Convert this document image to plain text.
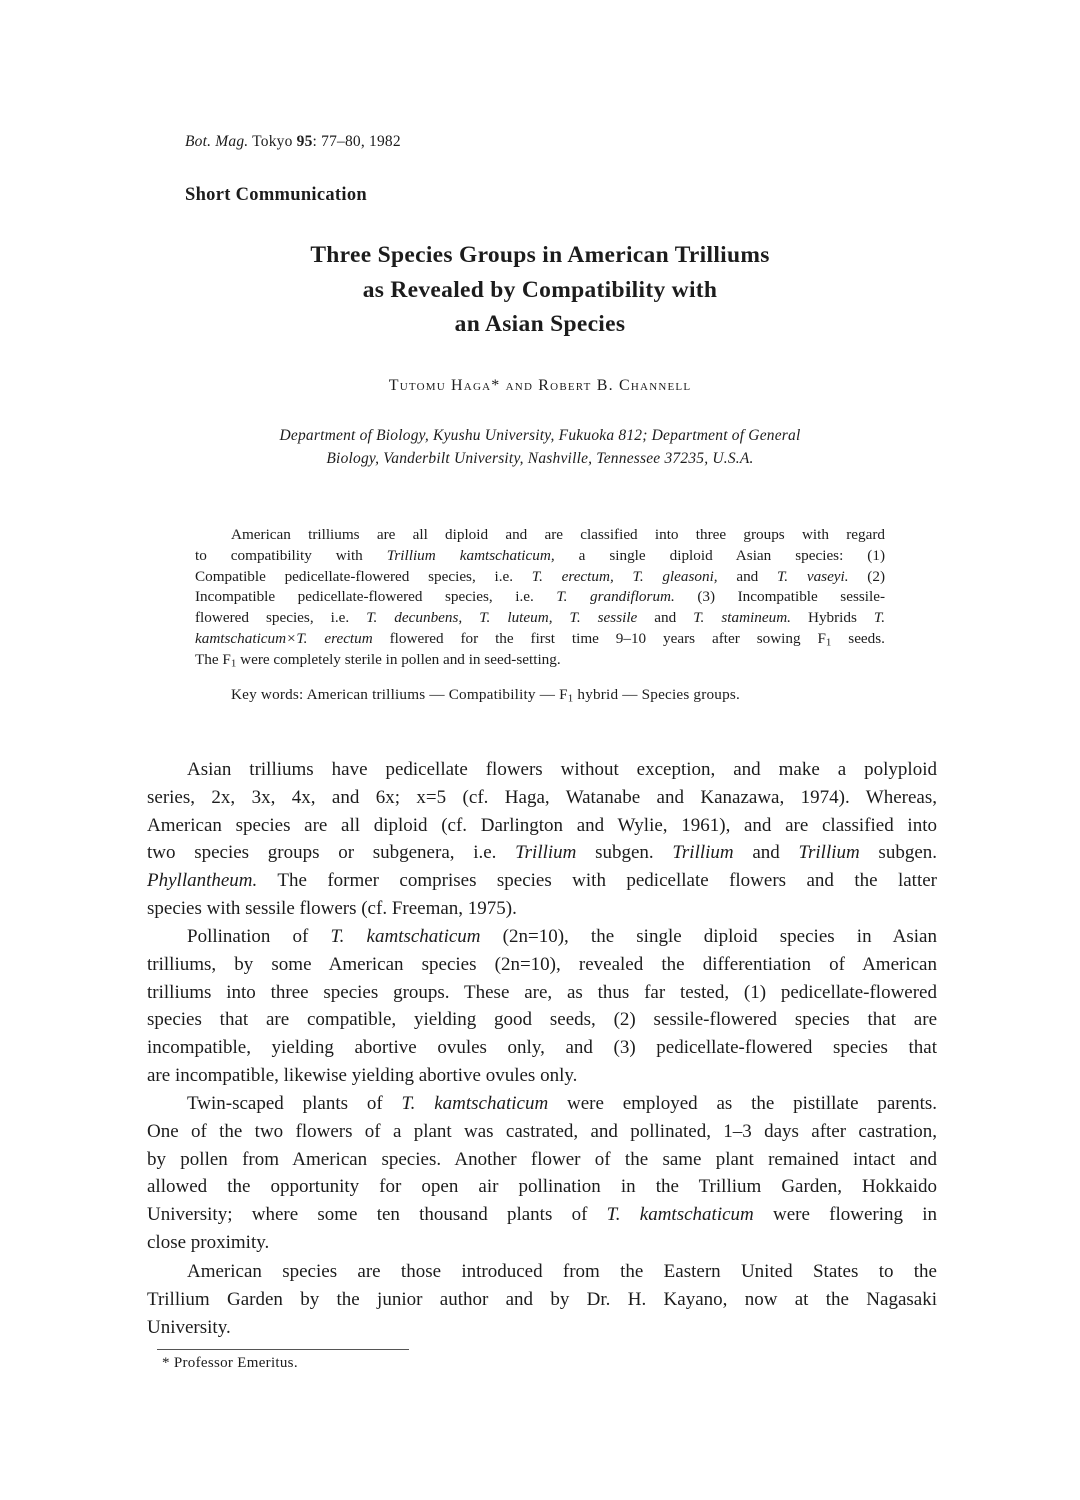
Bot. Mag. Tokyo 95: 77–80, 1982
Short Communication
Three Species Groups in American Trilliums
as Revealed by Compatibility with
an Asian Species
Tutomu Haga* and Robert B. Channell
Department of Biology, Kyushu University, Fukuoka 812; Department of General
Biology, Vanderbilt University, Nashville, Tennessee 37235, U.S.A.
American trilliums are all diploid and are classified into three groups with regard
to compatibility with Trillium kamtschaticum, a single diploid Asian species: (1)
Compatible pedicellate-flowered species, i.e. T. erectum, T. gleasoni, and T. vaseyi. (2)
Incompatible pedicellate-flowered species, i.e. T. grandiflorum. (3) Incompatible sessile-
flowered species, i.e. T. decunbens, T. luteum, T. sessile and T. stamineum. Hybrids T.
kamtschaticum×T. erectum flowered for the first time 9–10 years after sowing $F_1$ seeds.
The $F_1$ were completely sterile in pollen and in seed-setting.
Key words: American trilliums — Compatibility — $F_1$ hybrid — Species groups.
Asian trilliums have pedicellate flowers without exception, and make a polyploid
series, 2x, 3x, 4x, and 6x; x=5 (cf. Haga, Watanabe and Kanazawa, 1974). Whereas,
American species are all diploid (cf. Darlington and Wylie, 1961), and are classified into
two species groups or subgenera, i.e. Trillium subgen. Trillium and Trillium subgen.
Phyllantheum. The former comprises species with pedicellate flowers and the latter
species with sessile flowers (cf. Freeman, 1975).
Pollination of T. kamtschaticum (2n=10), the single diploid species in Asian
trilliums, by some American species (2n=10), revealed the differentiation of American
trilliums into three species groups. These are, as thus far tested, (1) pedicellate-flowered
species that are compatible, yielding good seeds, (2) sessile-flowered species that are
incompatible, yielding abortive ovules only, and (3) pedicellate-flowered species that
are incompatible, likewise yielding abortive ovules only.
Twin-scaped plants of T. kamtschaticum were employed as the pistillate parents.
One of the two flowers of a plant was castrated, and pollinated, 1–3 days after castration,
by pollen from American species. Another flower of the same plant remained intact and
allowed the opportunity for open air pollination in the Trillium Garden, Hokkaido
University; where some ten thousand plants of T. kamtschaticum were flowering in
close proximity.
American species are those introduced from the Eastern United States to the
Trillium Garden by the junior author and by Dr. H. Kayano, now at the Nagasaki
University.
* Professor Emeritus.
